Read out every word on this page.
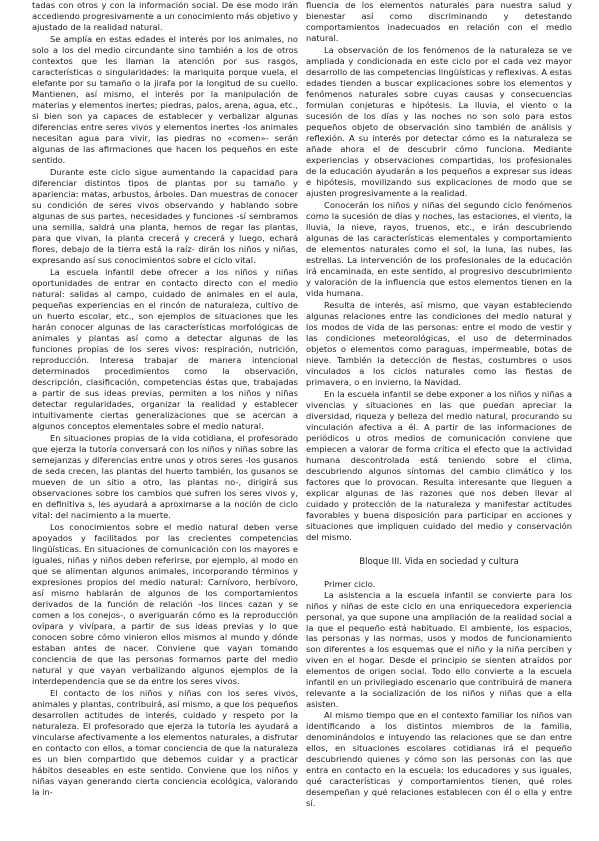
tadas con otros y con la información social. De ese modo irán accediendo progresivamente a un conocimiento más objetivo y ajustado de la realidad natural.

Se amplía en estas edades el interés por los animales, no solo a los del medio circundante sino también a los de otros contextos que les llaman la atención por sus rasgos, características o singularidades: la mariquita porque vuela, el elefante por su tamaño o la jirafa por la longitud de su cuello. Mantienen, así mismo, el interés por la manipulación de materias y elementos inertes; piedras, palos, arena, agua, etc., si bien son ya capaces de establecer y verbalizar algunas diferencias entre seres vivos y elementos inertes -los animales necesitan agua para vivir, las piedras no «comen»- serán algunas de las afirmaciones que hacen los pequeños en este sentido.

Durante este ciclo sigue aumentando la capacidad para diferenciar distintos tipos de plantas por su tamaño y apariencia: matas, arbustos, árboles. Dan muestras de conocer su condición de seres vivos observando y hablando sobre algunas de sus partes, necesidades y funciones -sí sembramos una semilla, saldrá una planta, hemos de regar las plantas, para que vivan, la planta crecerá y crecerá y luego, echará flores, debajo de la tierra está la raíz- dirán los niños y niñas, expresando así sus conocimientos sobre el ciclo vital.

La escuela infantil debe ofrecer a los niños y niñas oportunidades de entrar en contacto directo con el medio natural: salidas al campo, cuidado de animales en el aula, pequeñas experiencias en el rincón de naturaleza, cultivo de un huerto escolar, etc., son ejemplos de situaciones que les harán conocer algunas de las características morfológicas de animales y plantas así como a detectar algunas de las funciones propias de los seres vivos: respiración, nutrición, reproducción. Interesa trabajar de manera intencional determinados procedimientos como la observación, descripción, clasificación, competencias éstas que, trabajadas a partir de sus ideas previas, permiten a los niños y niñas detectar regularidades, organizar la realidad y establecer intuitivamente ciertas generalizaciones que se acercan a algunos conceptos elementales sobre el medio natural.

En situaciones propias de la vida cotidiana, el profesorado que ejerza la tutoría conversará con los niños y niñas sobre las semejanzas y diferencias entre unos y otros seres -los gusanos de seda crecen, las plantas del huerto también, los gusanos se mueven de un sitio a otro, las plantas no-, dirigirá sus observaciones sobre los cambios que sufren los seres vivos y, en definitiva s, les ayudará a aproximarse a la noción de ciclo vital: del nacimiento a la muerte.

Los conocimientos sobre el medio natural deben verse apoyados y facilitados por las crecientes competencias lingüísticas. En situaciones de comunicación con los mayores e iguales, niñas y niños deben referirse, por ejemplo, al modo en que se alimentan algunos animales, incorporando términos y expresiones propios del medio natural: Carnívoro, herbívoro, así mismo hablarán de algunos de los comportamientos derivados de la función de relación -los linces cazan y se comen a los conejos-, o averiguarán cómo es la reproducción ovípara y vivípara, a partir de sus ideas previas y lo que conocen sobre cómo vinieron ellos mismos al mundo y dónde estaban antes de nacer. Conviene que vayan tomando conciencia de que las personas formamos parte del medio natural y que vayan verbalizando algunos ejemplos de la interdependencia que se da entre los seres vivos.

El contacto de los niños y niñas con los seres vivos, animales y plantas, contribuirá, así mismo, a que los pequeños desarrollen actitudes de interés, cuidado y respeto por la naturaleza. El profesorado que ejerza la tutoría les ayudará a vincularse afectivamente a los elementos naturales, a disfrutar en contacto con ellos, a tomar conciencia de que la naturaleza es un bien compartido que debemos cuidar y a practicar hábitos deseables en este sentido. Conviene que los niños y niñas vayan generando cierta conciencia ecológica, valorando la in-

fluencia de los elementos naturales para nuestra salud y bienestar así como discriminando y detestando comportamientos inadecuados en relación con el medio natural.

La observación de los fenómenos de la naturaleza se ve ampliada y condicionada en este ciclo por el cada vez mayor desarrollo de las competencias lingüísticas y reflexivas. A estas edades tienden a buscar explicaciones sobre los elementos y fenómenos naturales sobre cuyas causas y consecuencias formulan conjeturas e hipótesis. La lluvia, el viento o la sucesión de los días y las noches no son solo para estos pequeños objeto de observación sino también de análisis y reflexión. A su interés por detectar cómo es la naturaleza se añade ahora el de descubrir cómo funciona. Mediante experiencias y observaciones compartidas, los profesionales de la educación ayudarán a los pequeños a expresar sus ideas e hipótesis, movilizando sus explicaciones de modo que se ajusten progresivamente a la realidad.

Conocerán los niños y niñas del segundo ciclo fenómenos como la sucesión de días y noches, las estaciones, el viento, la lluvia, la nieve, rayos, truenos, etc., e irán descubriendo algunas de las características elementales y comportamiento de elementos naturales como el sol, la luna, las nubes, las estrellas. La intervención de los profesionales de la educación irá encaminada, en este sentido, al progresivo descubrimiento y valoración de la influencia que estos elementos tienen en la vida humana.

Resulta de interés, así mismo, que vayan estableciendo algunas relaciones entre las condiciones del medio natural y los modos de vida de las personas: entre el modo de vestir y las condiciones meteorológicas, el uso de determinados objetos o elementos como paraguas, impermeable, botas de nieve. También la detección de fiestas, costumbres o usos vinculados a los ciclos naturales como las fiestas de primavera, o en invierno, la Navidad.

En la escuela infantil se debe exponer a los niños y niñas a vivencias y situaciones en las que puedan apreciar la diversidad, riqueza y belleza del medio natural, procurando su vinculación afectiva a él. A partir de las informaciones de periódicos u otros medios de comunicación conviene que empiecen a valorar de forma crítica el efecto que la actividad humana descontrolada está teniendo sobre el clima, descubriendo algunos síntomas del cambio climático y los factores que lo provocan. Resulta interesante que lleguen a explicar algunas de las razones que nos deben llevar al cuidado y protección de la naturaleza y manifestar actitudes favorables y buena disposición para participar en acciones y situaciones que impliquen cuidado del medio y conservación del mismo.

Bloque III. Vida en sociedad y cultura

Primer ciclo.

La asistencia a la escuela infantil se convierte para los niños y niñas de este ciclo en una enriquecedora experiencia personal, ya que supone una ampliación de la realidad social a la que el pequeño está habituado. El ambiente, los espacios, las personas y las normas, usos y modos de funcionamiento son diferentes a los esquemas que el niño y la niña perciben y viven en el hogar. Desde el principio se sienten atraídos por elementos de origen social. Todo ello convierte a la escuela infantil en un privilegiado escenario que contribuirá de manera relevante a la socialización de los niños y niñas que a ella asisten.

Al mismo tiempo que en el contexto familiar los niños van identificando a los distintos miembros de la familia, denominándolos e intuyendo las relaciones que se dan entre ellos, en situaciones escolares cotidianas irá el pequeño descubriendo quienes y cómo son las personas con las que entra en contacto en la escuela: los educadores y sus iguales, qué características y comportamientos tienen, qué roles desempeñan y qué relaciones establecen con él o ella y entre sí.
